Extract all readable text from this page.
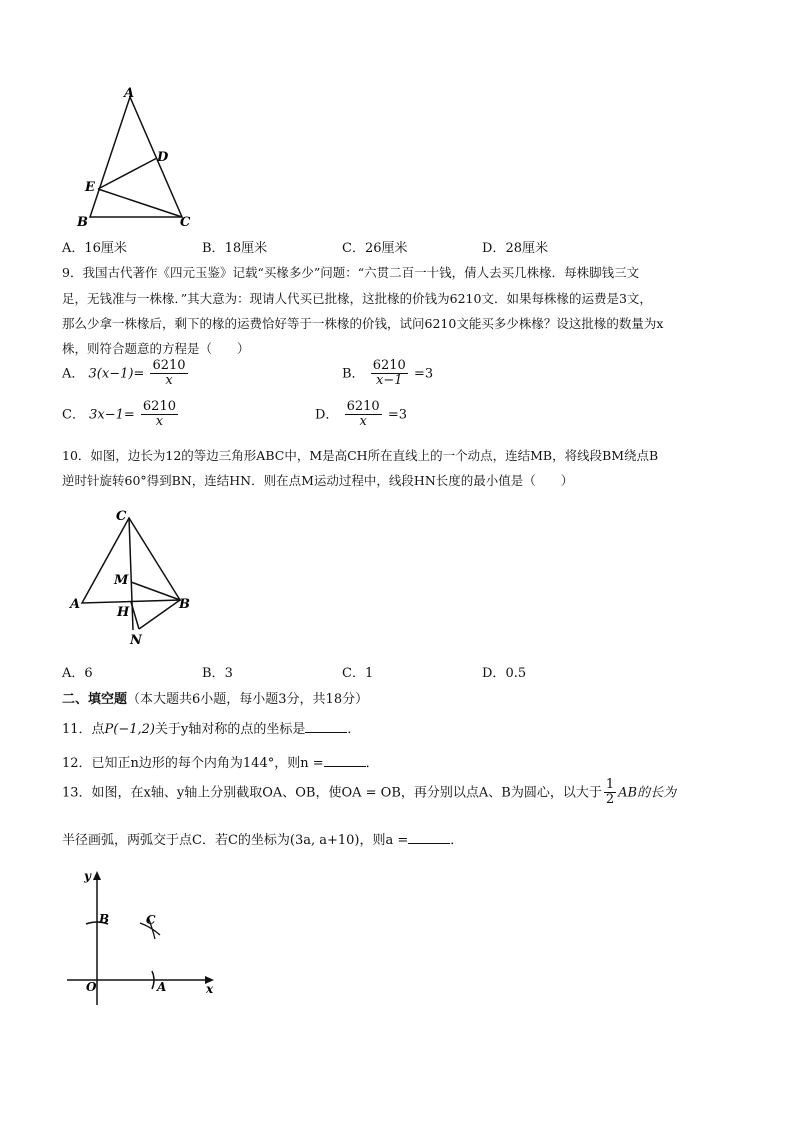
A
D
E
B	C
A．16厘米	B．18厘米	C．26厘米	D．28厘米
9．我国古代著作《四元玉鉴》记载“买椽多少”问题：“六贯二百一十钱，倩人去买几株椽．每株脚钱三文
足，无钱准与一株椽．”其大意为：现请人代买已批椽，这批椽的价钱为6210文．如果每株椽的运费是3文，
那么少拿一株椽后，剩下的椽的运费恰好等于一株椽的价钱，试问6210文能买多少株椽？设这批椽的数量为x
株，则符合题意的方程是（　　）
A． $3(x-1)= \frac{6210}{x}$	B． $\frac{6210}{x-1} =3$
C． $3x-1= \frac{6210}{x}$	D． $\frac{6210}{x} =3$
10．如图，边长为12的等边三角形ABC中，M是高CH所在直线上的一个动点，连结MB，将线段BM绕点B
逆时针旋转60°得到BN，连结HN．则在点M运动过程中，线段HN长度的最小值是（　　）
C
M
A
H
B
N
A．6	B．3	C．1	D．0.5
二、填空题（本大题共6小题，每小题3分，共18分）
11．点P(−1,2)关于y轴对称的点的坐标是	．
12．已知正n边形的每个内角为144°，则n =	．
13．如图，在x轴、y轴上分别截取OA、OB，使OA = OB，再分别以点A、B为圆心，以大于 $\frac{1}{2}$ AB的长为
半径画弧，两弧交于点C．若C的坐标为(3a, a+10)，则a =	．
y
x
O	A
B	C
